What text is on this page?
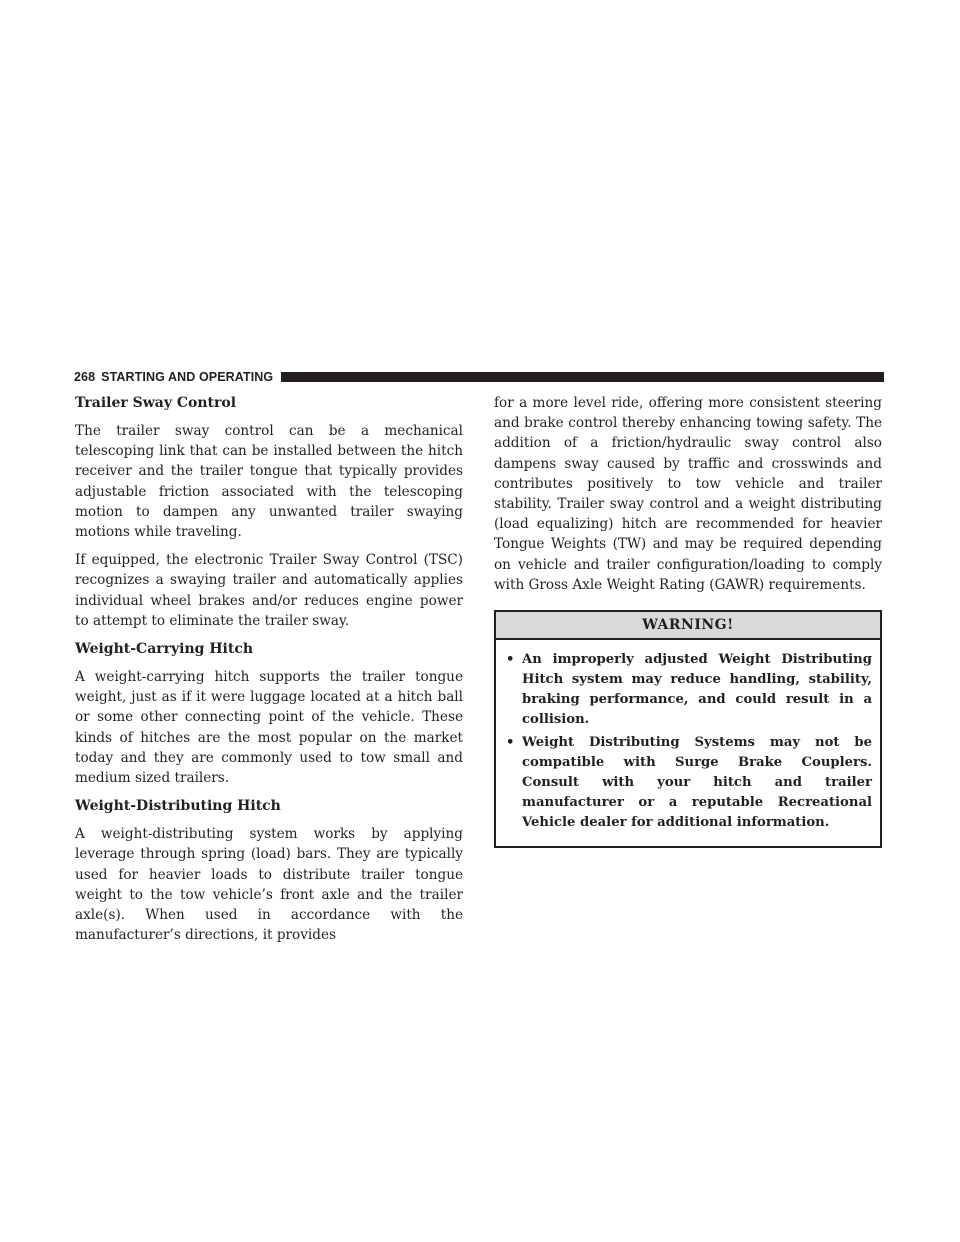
268 STARTING AND OPERATING
Trailer Sway Control

The trailer sway control can be a mechanical telescoping link that can be installed between the hitch receiver and the trailer tongue that typically provides adjustable friction associated with the telescoping motion to dampen any unwanted trailer swaying motions while traveling.

If equipped, the electronic Trailer Sway Control (TSC) recognizes a swaying trailer and automatically applies individual wheel brakes and/or reduces engine power to attempt to eliminate the trailer sway.

Weight-Carrying Hitch

A weight-carrying hitch supports the trailer tongue weight, just as if it were luggage located at a hitch ball or some other connecting point of the vehicle. These kinds of hitches are the most popular on the market today and they are commonly used to tow small and medium sized trailers.

Weight-Distributing Hitch

A weight-distributing system works by applying leverage through spring (load) bars. They are typically used for heavier loads to distribute trailer tongue weight to the tow vehicle’s front axle and the trailer axle(s). When used in accordance with the manufacturer’s directions, it provides

for a more level ride, offering more consistent steering and brake control thereby enhancing towing safety. The addition of a friction/hydraulic sway control also dampens sway caused by traffic and crosswinds and contributes positively to tow vehicle and trailer stability. Trailer sway control and a weight distributing (load equalizing) hitch are recommended for heavier Tongue Weights (TW) and may be required depending on vehicle and trailer configuration/loading to comply with Gross Axle Weight Rating (GAWR) requirements.

WARNING!
• An improperly adjusted Weight Distributing Hitch system may reduce handling, stability, braking performance, and could result in a collision.
• Weight Distributing Systems may not be compatible with Surge Brake Couplers. Consult with your hitch and trailer manufacturer or a reputable Recreational Vehicle dealer for additional information.
